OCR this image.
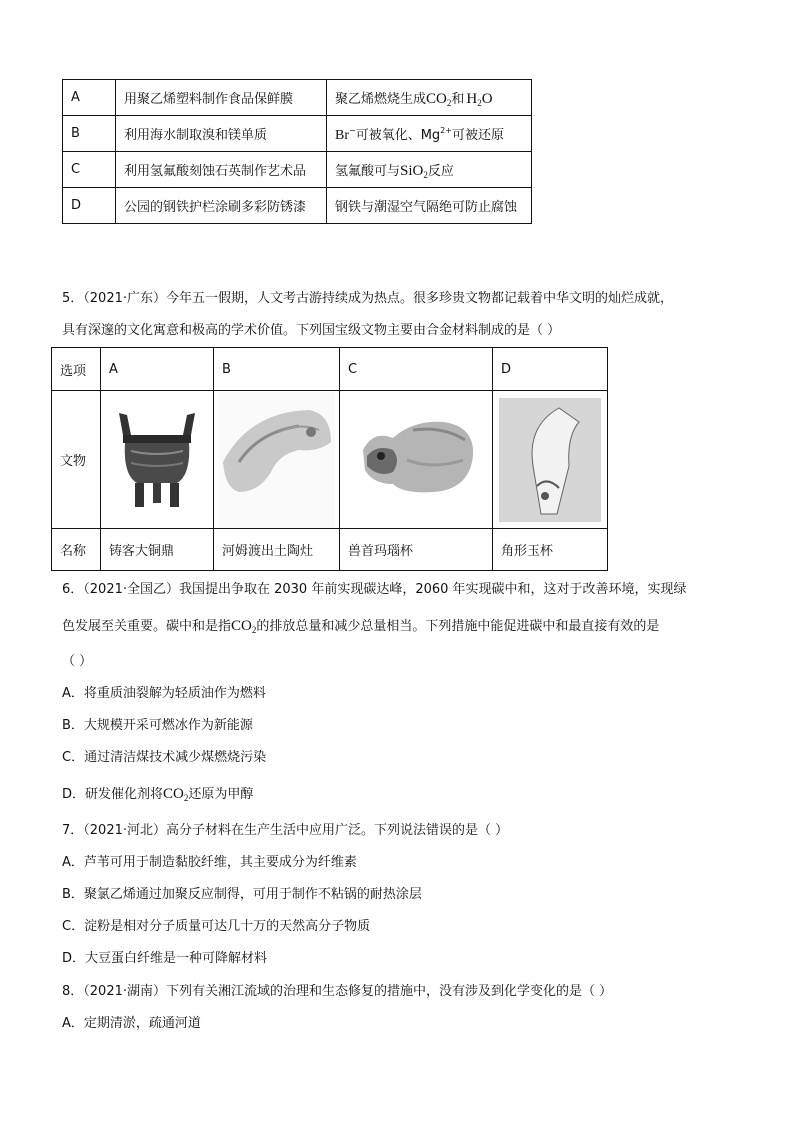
A	用聚乙烯塑料制作食品保鲜膜	聚乙烯燃烧生成$CO_2$和 $H_2O$
B	利用海水制取溴和镁单质	Br−可被氧化、$Mg^{2+}$可被还原
C	利用氢氟酸刻蚀石英制作艺术品	氢氟酸可与SiO$_2$反应
D	公园的钢铁护栏涂刷多彩防锈漆	钢铁与潮湿空气隔绝可防止腐蚀
5．（2021·广东）今年五一假期，人文考古游持续成为热点。很多珍贵文物都记载着中华文明的灿烂成就，
具有深邃的文化寓意和极高的学术价值。下列国宝级文物主要由合金材料制成的是（ ）
选项	A	B	C	D
文物	

名称	铸客大铜鼎	河姆渡出土陶灶	兽首玛瑙杯	角形玉杯
6．（2021·全国乙）我国提出争取在 2030 年前实现碳达峰，2060 年实现碳中和，这对于改善环境，实现绿
色发展至关重要。碳中和是指$CO_2$的排放总量和减少总量相当。下列措施中能促进碳中和最直接有效的是
（ ）
A．将重质油裂解为轻质油作为燃料
B．大规模开采可燃冰作为新能源
C．通过清洁煤技术减少煤燃烧污染
D．研发催化剂将$CO_2$还原为甲醇
7．（2021·河北）高分子材料在生产生活中应用广泛。下列说法错误的是（ ）
A．芦苇可用于制造黏胶纤维，其主要成分为纤维素
B．聚氯乙烯通过加聚反应制得，可用于制作不粘锅的耐热涂层
C．淀粉是相对分子质量可达几十万的天然高分子物质
D．大豆蛋白纤维是一种可降解材料
8．（2021·湖南）下列有关湘江流域的治理和生态修复的措施中，没有涉及到化学变化的是（ ）
A．定期清淤，疏通河道
